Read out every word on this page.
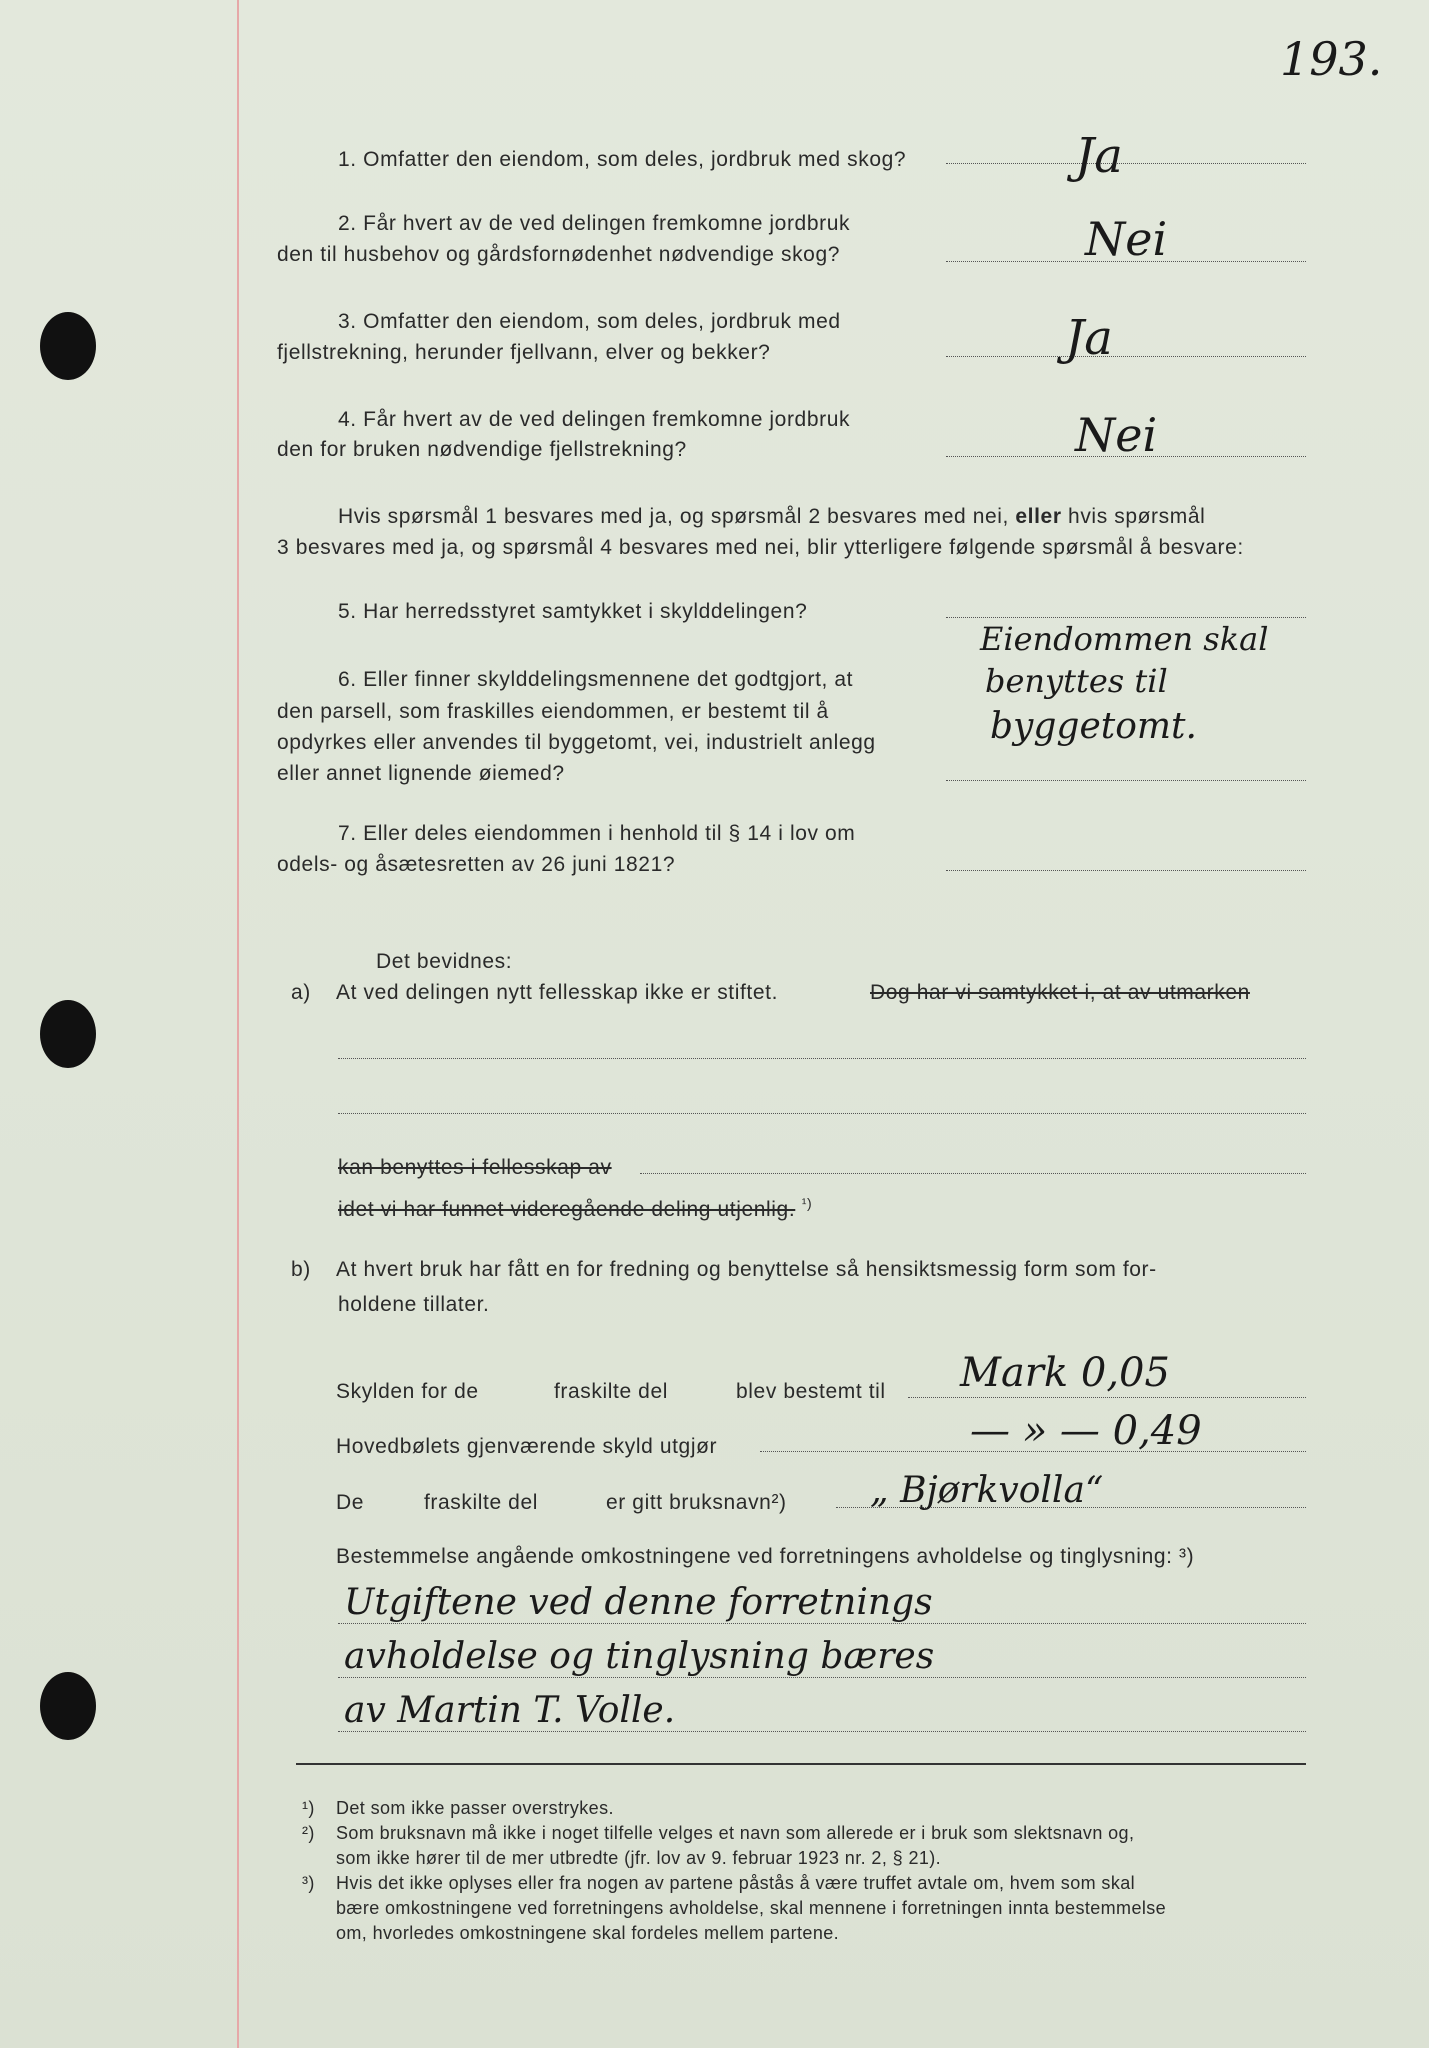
193.
1. Omfatter den eiendom, som deles, jordbruk med skog?	Ja
2. Får hvert av de ved delingen fremkomne jordbruk
den til husbehov og gårdsfornødenhet nødvendige skog?	Nei
3. Omfatter den eiendom, som deles, jordbruk med
fjellstrekning, herunder fjellvann, elver og bekker?	Ja
4. Får hvert av de ved delingen fremkomne jordbruk
den for bruken nødvendige fjellstrekning?	Nei
Hvis spørsmål 1 besvares med ja, og spørsmål 2 besvares med nei, eller hvis spørsmål
3 besvares med ja, og spørsmål 4 besvares med nei, blir ytterligere følgende spørsmål å besvare:
5. Har herredsstyret samtykket i skylddelingen?
6. Eller finner skylddelingsmennene det godtgjort, at
den parsell, som fraskilles eiendommen, er bestemt til å
opdyrkes eller anvendes til byggetomt, vei, industrielt anlegg
eller annet lignende øiemed?
Eiendommen skal
benyttes til
byggetomt.
7. Eller deles eiendommen i henhold til § 14 i lov om
odels- og åsætesretten av 26 juni 1821?
Det bevidnes:
a) At ved delingen nytt fellesskap ikke er stiftet.	Dog har vi samtykket i, at av utmarken
kan benyttes i fellesskap av
idet vi har funnet videregående deling utjenlig. $^{^1)}$
b) At hvert bruk har fått en for fredning og benyttelse så hensiktsmessig form som for-
holdene tillater.
Skylden for de	fraskilte del	blev bestemt til Mark 0,05
Hovedbølets gjenværende skyld utgjør	— » — 0,49
De	fraskilte del	er gitt bruksnavn²) „ Bjørkvolla“
Bestemmelse angående omkostningene ved forretningens avholdelse og tinglysning: ³)
Utgiftene ved denne forretnings
avholdelse og tinglysning bæres
av Martin T. Volle.
¹) Det som ikke passer overstrykes.
²) Som bruksnavn må ikke i noget tilfelle velges et navn som allerede er i bruk som slektsnavn og,
som ikke hører til de mer utbredte (jfr. lov av 9. februar 1923 nr. 2, § 21).
³) Hvis det ikke oplyses eller fra nogen av partene påstås å være truffet avtale om, hvem som skal
bære omkostningene ved forretningens avholdelse, skal mennene i forretningen innta bestemmelse
om, hvorledes omkostningene skal fordeles mellem partene.
